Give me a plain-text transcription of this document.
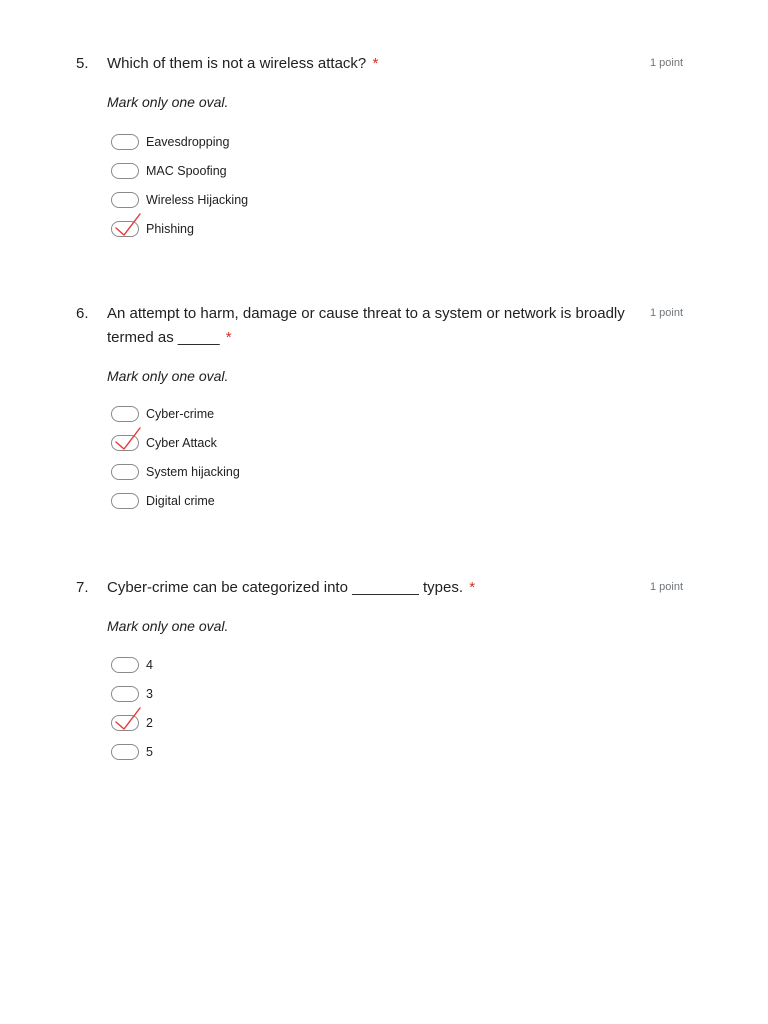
5. Which of them is not a wireless attack? *	1 point
Mark only one oval.
Eavesdropping
MAC Spoofing
Wireless Hijacking
Phishing
6. An attempt to harm, damage or cause threat to a system or network is broadly termed as _____ *
1 point
Mark only one oval.
Cyber-crime
Cyber Attack
System hijacking
Digital crime
7. Cyber-crime can be categorized into ________ types. *	1 point
Mark only one oval.
4
3
2
5
